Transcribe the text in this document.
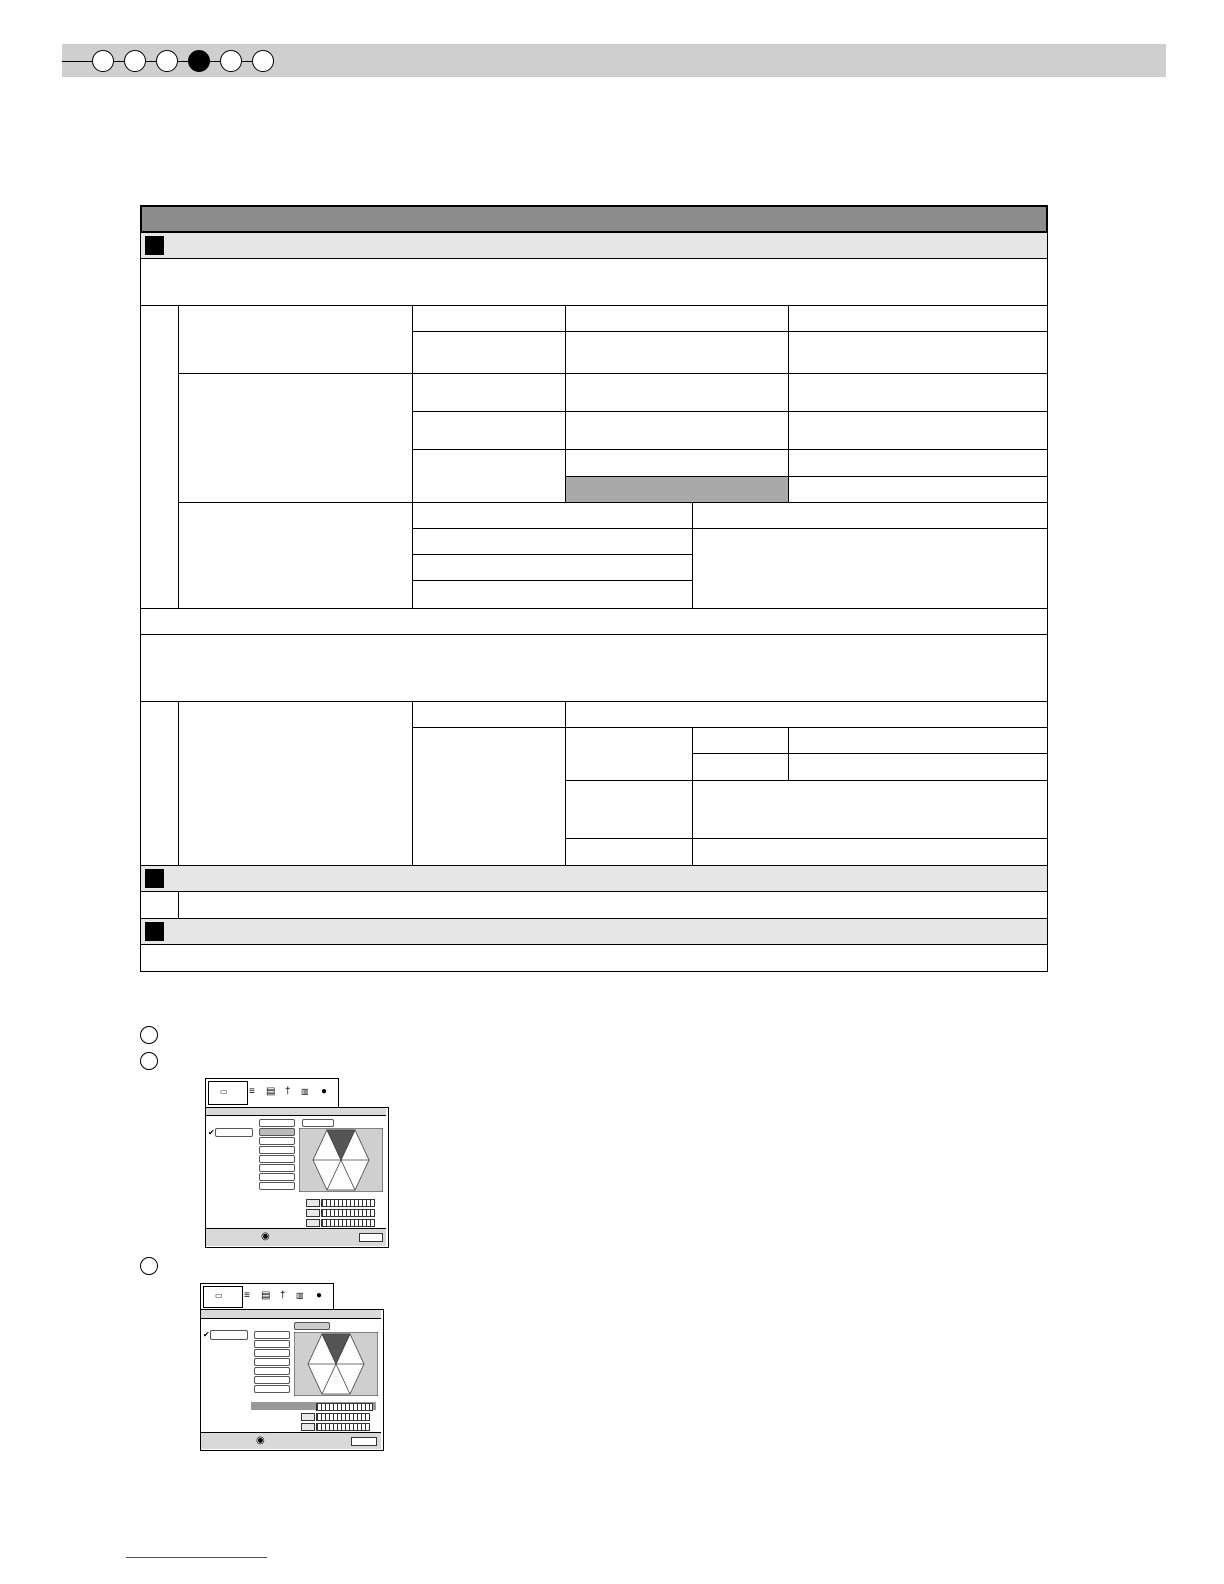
▭ ≡ ▤ † ▥ ●
✔
◉
▭ ≡ ▤ † ▥ ●
✔
◉
